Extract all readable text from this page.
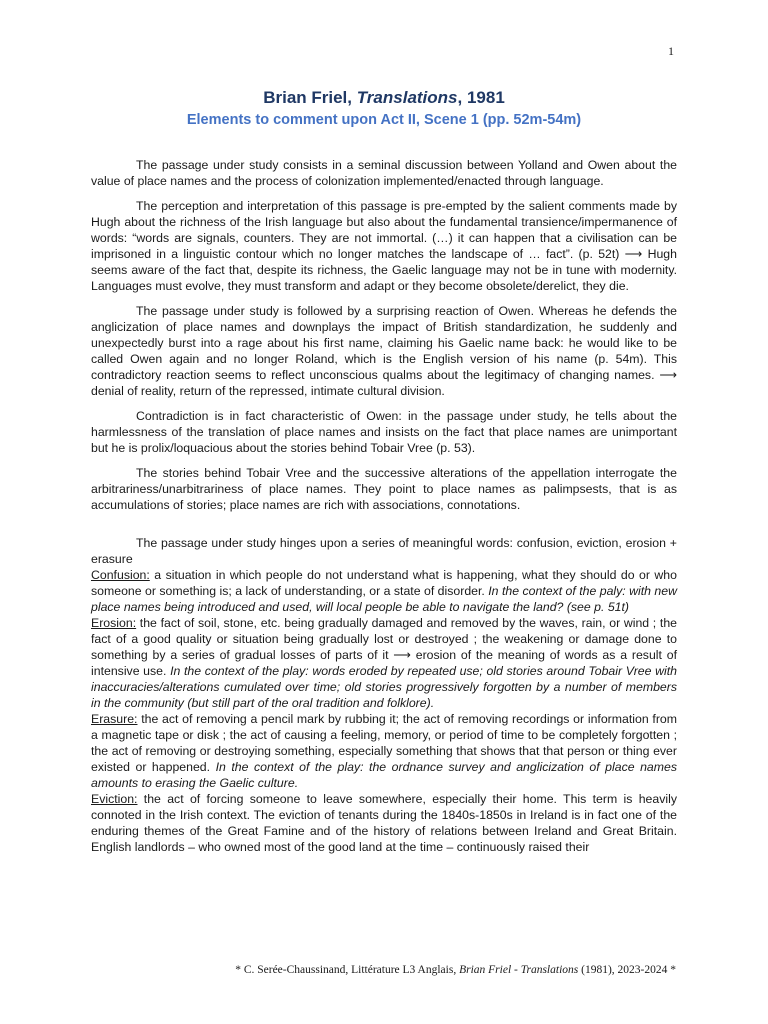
1
Brian Friel, Translations, 1981
Elements to comment upon Act II, Scene 1 (pp. 52m-54m)

The passage under study consists in a seminal discussion between Yolland and Owen about the value of place names and the process of colonization implemented/enacted through language.

The perception and interpretation of this passage is pre-empted by the salient comments made by Hugh about the richness of the Irish language but also about the fundamental transience/impermanence of words: “words are signals, counters. They are not immortal. (…) it can happen that a civilisation can be imprisoned in a linguistic contour which no longer matches the landscape of … fact”. (p. 52t) ⟶ Hugh seems aware of the fact that, despite its richness, the Gaelic language may not be in tune with modernity. Languages must evolve, they must transform and adapt or they become obsolete/derelict, they die.

The passage under study is followed by a surprising reaction of Owen. Whereas he defends the anglicization of place names and downplays the impact of British standardization, he suddenly and unexpectedly burst into a rage about his first name, claiming his Gaelic name back: he would like to be called Owen again and no longer Roland, which is the English version of his name (p. 54m). This contradictory reaction seems to reflect unconscious qualms about the legitimacy of changing names. ⟶ denial of reality, return of the repressed, intimate cultural division.

Contradiction is in fact characteristic of Owen: in the passage under study, he tells about the harmlessness of the translation of place names and insists on the fact that place names are unimportant but he is prolix/loquacious about the stories behind Tobair Vree (p. 53).

The stories behind Tobair Vree and the successive alterations of the appellation interrogate the arbitrariness/unarbitrariness of place names. They point to place names as palimpsests, that is as accumulations of stories; place names are rich with associations, connotations.

The passage under study hinges upon a series of meaningful words: confusion, eviction, erosion + erasure

Confusion: a situation in which people do not understand what is happening, what they should do or who someone or something is; a lack of understanding, or a state of disorder. In the context of the paly: with new place names being introduced and used, will local people be able to navigate the land? (see p. 51t)

Erosion: the fact of soil, stone, etc. being gradually damaged and removed by the waves, rain, or wind ; the fact of a good quality or situation being gradually lost or destroyed ; the weakening or damage done to something by a series of gradual losses of parts of it ⟶ erosion of the meaning of words as a result of intensive use. In the context of the play: words eroded by repeated use; old stories around Tobair Vree with inaccuracies/alterations cumulated over time; old stories progressively forgotten by a number of members in the community (but still part of the oral tradition and folklore).

Erasure: the act of removing a pencil mark by rubbing it; the act of removing recordings or information from a magnetic tape or disk ; the act of causing a feeling, memory, or period of time to be completely forgotten ; the act of removing or destroying something, especially something that shows that that person or thing ever existed or happened. In the context of the play: the ordnance survey and anglicization of place names amounts to erasing the Gaelic culture.

Eviction: the act of forcing someone to leave somewhere, especially their home. This term is heavily connoted in the Irish context. The eviction of tenants during the 1840s-1850s in Ireland is in fact one of the enduring themes of the Great Famine and of the history of relations between Ireland and Great Britain. English landlords – who owned most of the good land at the time – continuously raised their

* C. Serée-Chaussinand, Littérature L3 Anglais, Brian Friel - Translations (1981), 2023-2024 *
